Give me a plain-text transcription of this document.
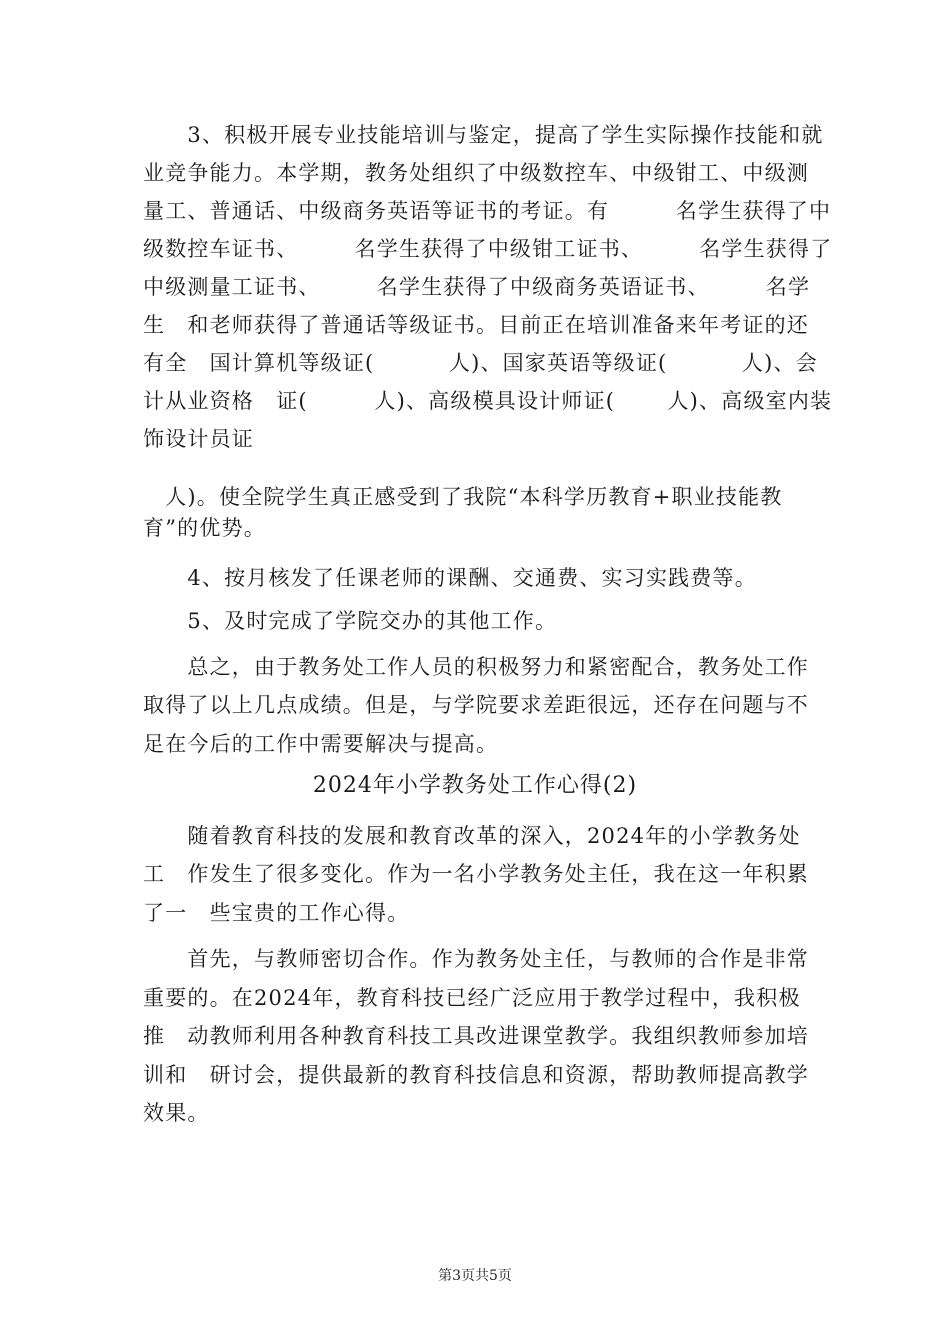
　　3、积极开展专业技能培训与鉴定，提高了学生实际操作技能和就
业竞争能力。本学期，教务处组织了中级数控车、中级钳工、中级测
量工、普通话、中级商务英语等证书的考证。有　　　名学生获得了中
级数控车证书、　　　名学生获得了中级钳工证书、　　　名学生获得了
中级测量工证书、　　　名学生获得了中级商务英语证书、　　　名学
生　和老师获得了普通话等级证书。目前正在培训准备来年考证的还
有全　国计算机等级证(　　　 人)、国家英语等级证(　　　 人)、会
计从业资格　证(　　　人)、高级模具设计师证(　　 人)、高级室内装
饰设计员证
　人)。使全院学生真正感受到了我院“本科学历教育+职业技能教
育”的优势。
　　4、按月核发了任课老师的课酬、交通费、实习实践费等。
　　5、及时完成了学院交办的其他工作。
　　总之，由于教务处工作人员的积极努力和紧密配合，教务处工作
取得了以上几点成绩。但是，与学院要求差距很远，还存在问题与不
足在今后的工作中需要解决与提高。
2024年小学教务处工作心得(2)
　　随着教育科技的发展和教育改革的深入，2024年的小学教务处
工　作发生了很多变化。作为一名小学教务处主任，我在这一年积累
了一　些宝贵的工作心得。
　　首先，与教师密切合作。作为教务处主任，与教师的合作是非常
重要的。在2024年，教育科技已经广泛应用于教学过程中，我积极
推　动教师利用各种教育科技工具改进课堂教学。我组织教师参加培
训和　研讨会，提供最新的教育科技信息和资源，帮助教师提高教学
效果。
第3页共5页
